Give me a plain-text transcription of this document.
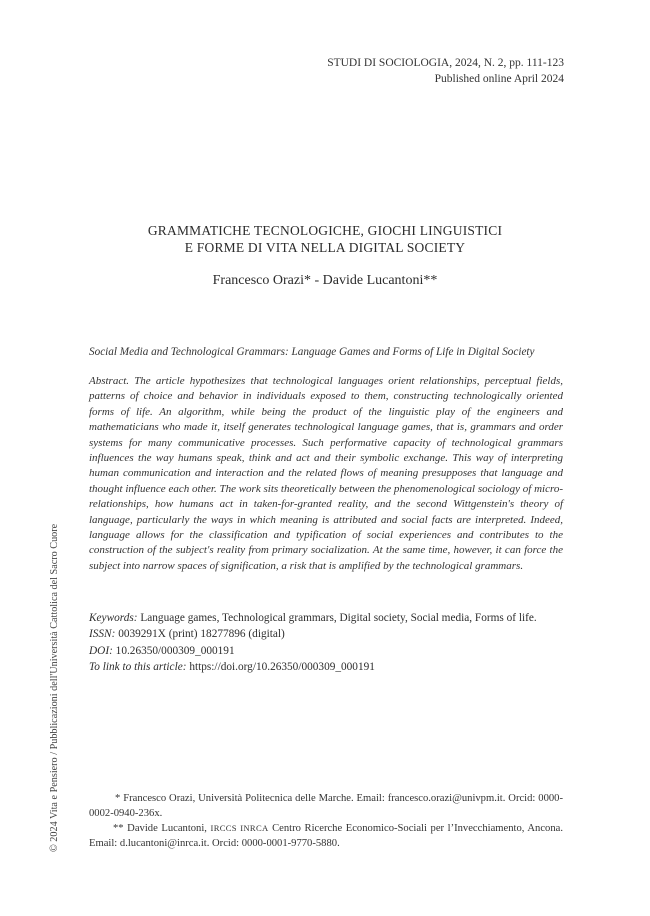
STUDI DI SOCIOLOGIA, 2024, N. 2, pp. 111-123
Published online April 2024
GRAMMATICHE TECNOLOGICHE, GIOCHI LINGUISTICI
E FORME DI VITA NELLA DIGITAL SOCIETY
Francesco Orazi* - Davide Lucantoni**
Social Media and Technological Grammars: Language Games and Forms of Life in Digital Society

Abstract. The article hypothesizes that technological languages orient relationships, perceptual fields, patterns of choice and behavior in individuals exposed to them, constructing technologically oriented forms of life. An algorithm, while being the product of the linguistic play of the engineers and mathematicians who made it, itself generates technological language games, that is, grammars and order systems for many communicative processes. Such performative capacity of technological grammars influences the way humans speak, think and act and their symbolic exchange. This way of interpreting human communication and interaction and the related flows of meaning presupposes that language and thought influence each other. The work sits theoretically between the phenomenological sociology of micro-relationships, how humans act in taken-for-granted reality, and the second Wittgenstein's theory of language, particularly the ways in which meaning is attributed and social facts are interpreted. Indeed, language allows for the classification and typification of social experiences and contributes to the construction of the subject's reality from primary socialization. At the same time, however, it can force the subject into narrow spaces of signification, a risk that is amplified by the technological grammars.

Keywords: Language games, Technological grammars, Digital society, Social media, Forms of life.
ISSN: 0039291X (print) 18277896 (digital)
DOI: 10.26350/000309_000191
To link to this article: https://doi.org/10.26350/000309_000191

* Francesco Orazi, Università Politecnica delle Marche. Email: francesco.orazi@univpm.it. Orcid: 0000-0002-0940-236x.

** Davide Lucantoni, IRCCS INRCA Centro Ricerche Economico-Sociali per l’Invecchiamento, Ancona. Email: d.lucantoni@inrca.it. Orcid: 0000-0001-9770-5880.

© 2024 Vita e Pensiero / Pubblicazioni dell'Università Cattolica del Sacro Cuore
